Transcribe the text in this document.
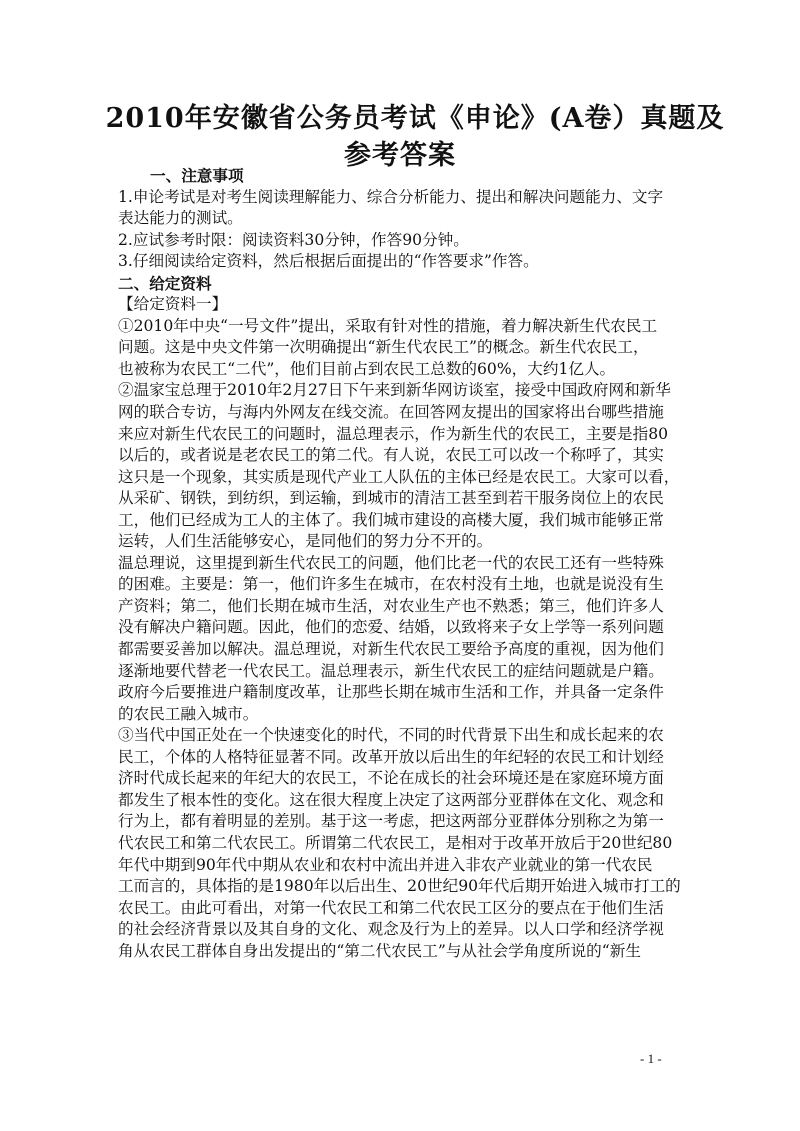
2010年安徽省公务员考试《申论》(A卷）真题及
参考答案
一、注意事项
1.申论考试是对考生阅读理解能力、综合分析能力、提出和解决问题能力、文字
表达能力的测试。
2.应试参考时限：阅读资料30分钟，作答90分钟。
3.仔细阅读给定资料，然后根据后面提出的“作答要求”作答。
二、给定资料
【给定资料一】
①2010年中央“一号文件”提出，采取有针对性的措施，着力解决新生代农民工
问题。这是中央文件第一次明确提出“新生代农民工”的概念。新生代农民工，
也被称为农民工“二代”，他们目前占到农民工总数的60%，大约1亿人。
②温家宝总理于2010年2月27日下午来到新华网访谈室，接受中国政府网和新华
网的联合专访，与海内外网友在线交流。在回答网友提出的国家将出台哪些措施
来应对新生代农民工的问题时，温总理表示，作为新生代的农民工，主要是指80
以后的，或者说是老农民工的第二代。有人说，农民工可以改一个称呼了，其实
这只是一个现象，其实质是现代产业工人队伍的主体已经是农民工。大家可以看，
从采矿、钢铁，到纺织，到运输，到城市的清洁工甚至到若干服务岗位上的农民
工，他们已经成为工人的主体了。我们城市建设的高楼大厦，我们城市能够正常
运转，人们生活能够安心，是同他们的努力分不开的。
温总理说，这里提到新生代农民工的问题，他们比老一代的农民工还有一些特殊
的困难。主要是：第一，他们许多生在城市，在农村没有土地，也就是说没有生
产资料；第二，他们长期在城市生活，对农业生产也不熟悉；第三，他们许多人
没有解决户籍问题。因此，他们的恋爱、结婚，以致将来子女上学等一系列问题
都需要妥善加以解决。温总理说，对新生代农民工要给予高度的重视，因为他们
逐渐地要代替老一代农民工。温总理表示，新生代农民工的症结问题就是户籍。
政府今后要推进户籍制度改革，让那些长期在城市生活和工作，并具备一定条件
的农民工融入城市。
③当代中国正处在一个快速变化的时代，不同的时代背景下出生和成长起来的农
民工，个体的人格特征显著不同。改革开放以后出生的年纪轻的农民工和计划经
济时代成长起来的年纪大的农民工，不论在成长的社会环境还是在家庭环境方面
都发生了根本性的变化。这在很大程度上决定了这两部分亚群体在文化、观念和
行为上，都有着明显的差别。基于这一考虑，把这两部分亚群体分别称之为第一
代农民工和第二代农民工。所谓第二代农民工，是相对于改革开放后于20世纪80
年代中期到90年代中期从农业和农村中流出并进入非农产业就业的第一代农民
工而言的，具体指的是1980年以后出生、20世纪90年代后期开始进入城市打工的
农民工。由此可看出，对第一代农民工和第二代农民工区分的要点在于他们生活
的社会经济背景以及其自身的文化、观念及行为上的差异。以人口学和经济学视
角从农民工群体自身出发提出的“第二代农民工”与从社会学角度所说的“新生
- 1 -
